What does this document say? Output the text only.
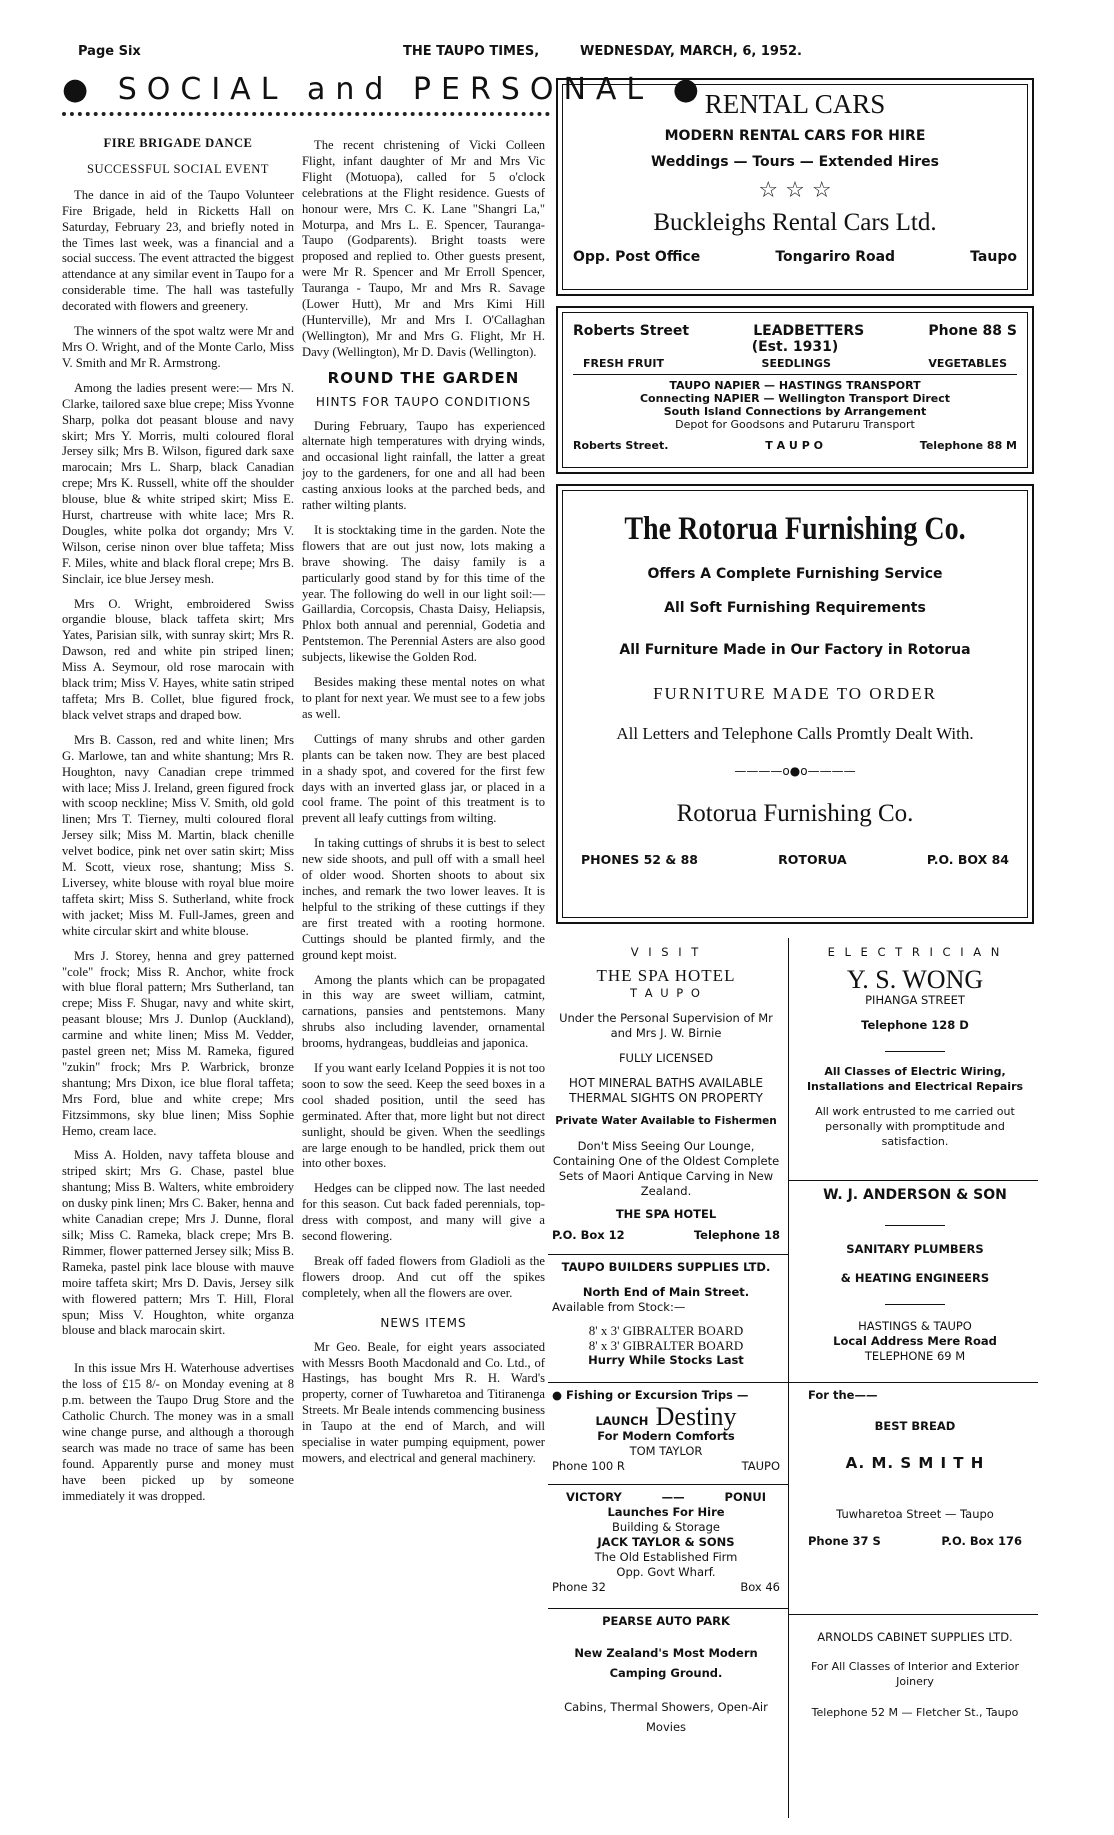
Page Six	THE TAUPO TIMES,	WEDNESDAY, MARCH, 6, 1952.
● SOCIAL and PERSONAL ●
FIRE BRIGADE DANCE
SUCCESSFUL SOCIAL EVENT

The dance in aid of the Taupo Volunteer Fire Brigade, held in Ricketts Hall on Saturday, February 23, and briefly noted in the Times last week, was a financial and a social success. The event attracted the biggest attendance at any similar event in Taupo for a considerable time. The hall was tastefully decorated with flowers and greenery.

The winners of the spot waltz were Mr and Mrs O. Wright, and of the Monte Carlo, Miss V. Smith and Mr R. Armstrong.

Among the ladies present were:— Mrs N. Clarke, tailored saxe blue crepe; Miss Yvonne Sharp, polka dot peasant blouse and navy skirt; Mrs Y. Morris, multi coloured floral Jersey silk; Mrs B. Wilson, figured dark saxe marocain; Mrs L. Sharp, black Canadian crepe; Mrs K. Russell, white off the shoulder blouse, blue & white striped skirt; Miss E. Hurst, chartreuse with white lace; Mrs R. Dougles, white polka dot organdy; Mrs V. Wilson, cerise ninon over blue taffeta; Miss F. Miles, white and black floral crepe; Mrs B. Sinclair, ice blue Jersey mesh.

Mrs O. Wright, embroidered Swiss organdie blouse, black taffeta skirt; Mrs Yates, Parisian silk, with sunray skirt; Mrs R. Dawson, red and white pin striped linen; Miss A. Seymour, old rose marocain with black trim; Miss V. Hayes, white satin striped taffeta; Mrs B. Collet, blue figured frock, black velvet straps and draped bow.

Mrs B. Casson, red and white linen; Mrs G. Marlowe, tan and white shantung; Mrs R. Houghton, navy Canadian crepe trimmed with lace; Miss J. Ireland, green figured frock with scoop neckline; Miss V. Smith, old gold linen; Mrs T. Tierney, multi coloured floral Jersey silk; Miss M. Martin, black chenille velvet bodice, pink net over satin skirt; Miss M. Scott, vieux rose, shantung; Miss S. Liversey, white blouse with royal blue moire taffeta skirt; Miss S. Sutherland, white frock with jacket; Miss M. Full-James, green and white circular skirt and white blouse.

Mrs J. Storey, henna and grey patterned "cole" frock; Miss R. Anchor, white frock with blue floral pattern; Mrs Sutherland, tan crepe; Miss F. Shugar, navy and white skirt, peasant blouse; Mrs J. Dunlop (Auckland), carmine and white linen; Miss M. Vedder, pastel green net; Miss M. Rameka, figured "zukin" frock; Mrs P. Warbrick, bronze shantung; Mrs Dixon, ice blue floral taffeta; Mrs Ford, blue and white crepe; Mrs Fitzsimmons, sky blue linen; Miss Sophie Hemo, cream lace.

Miss A. Holden, navy taffeta blouse and striped skirt; Mrs G. Chase, pastel blue shantung; Miss B. Walters, white embroidery on dusky pink linen; Mrs C. Baker, henna and white Canadian crepe; Mrs J. Dunne, floral silk; Miss C. Rameka, black crepe; Mrs B. Rimmer, flower patterned Jersey silk; Miss B. Rameka, pastel pink lace blouse with mauve moire taffeta skirt; Mrs D. Davis, Jersey silk with flowered pattern; Mrs T. Hill, Floral spun; Miss V. Houghton, white organza blouse and black marocain skirt.

In this issue Mrs H. Waterhouse advertises the loss of £15 8/- on Monday evening at 8 p.m. between the Taupo Drug Store and the Catholic Church. The money was in a small wine change purse, and although a thorough search was made no trace of same has been found. Apparently purse and money must have been picked up by someone immediately it was dropped.

The recent christening of Vicki Colleen Flight, infant daughter of Mr and Mrs Vic Flight (Motuopa), called for 5 o'clock celebrations at the Flight residence. Guests of honour were, Mrs C. K. Lane "Shangri La," Moturpa, and Mrs L. E. Spencer, Tauranga-Taupo (Godparents). Bright toasts were proposed and replied to. Other guests present, were Mr R. Spencer and Mr Erroll Spencer, Tauranga - Taupo, Mr and Mrs R. Savage (Lower Hutt), Mr and Mrs Kimi Hill (Hunterville), Mr and Mrs I. O'Callaghan (Wellington), Mr and Mrs G. Flight, Mr H. Davy (Wellington), Mr D. Davis (Wellington).

ROUND THE GARDEN
HINTS FOR TAUPO CONDITIONS

During February, Taupo has experienced alternate high temperatures with drying winds, and occasional light rainfall, the latter a great joy to the gardeners, for one and all had been casting anxious looks at the parched beds, and rather wilting plants.

It is stocktaking time in the garden. Note the flowers that are out just now, lots making a brave showing. The daisy family is a particularly good stand by for this time of the year. The following do well in our light soil:—Gaillardia, Corcopsis, Chasta Daisy, Heliapsis, Phlox both annual and perennial, Godetia and Pentstemon. The Perennial Asters are also good subjects, likewise the Golden Rod.

Besides making these mental notes on what to plant for next year. We must see to a few jobs as well.

Cuttings of many shrubs and other garden plants can be taken now. They are best placed in a shady spot, and covered for the first few days with an inverted glass jar, or placed in a cool frame. The point of this treatment is to prevent all leafy cuttings from wilting.

In taking cuttings of shrubs it is best to select new side shoots, and pull off with a small heel of older wood. Shorten shoots to about six inches, and remark the two lower leaves. It is helpful to the striking of these cuttings if they are first treated with a rooting hormone. Cuttings should be planted firmly, and the ground kept moist.

Among the plants which can be propagated in this way are sweet william, catmint, carnations, pansies and pentstemons. Many shrubs also including lavender, ornamental brooms, hydrangeas, buddleias and japonica.

If you want early Iceland Poppies it is not too soon to sow the seed. Keep the seed boxes in a cool shaded position, until the seed has germinated. After that, more light but not direct sunlight, should be given. When the seedlings are large enough to be handled, prick them out into other boxes.

Hedges can be clipped now. The last needed for this season. Cut back faded perennials, top-dress with compost, and many will give a second flowering.

Break off faded flowers from Gladioli as the flowers droop. And cut off the spikes completely, when all the flowers are over.

NEWS ITEMS

Mr Geo. Beale, for eight years associated with Messrs Booth Macdonald and Co. Ltd., of Hastings, has bought Mrs R. H. Ward's property, corner of Tuwharetoa and Titiranenga Streets. Mr Beale intends commencing business in Taupo at the end of March, and will specialise in water pumping equipment, power mowers, and electrical and general machinery.

RENTAL CARS
MODERN RENTAL CARS FOR HIRE
Weddings — Tours — Extended Hires
☆ ☆ ☆
Buckleighs Rental Cars Ltd.
Opp. Post Office	Tongariro Road	Taupo
Roberts Street	LEADBETTERS	Phone 88 S
(Est. 1931)
FRESH FRUIT	SEEDLINGS	VEGETABLES
TAUPO NAPIER — HASTINGS TRANSPORT
Connecting NAPIER — Wellington Transport Direct
South Island Connections by Arrangement
Depot for Goodsons and Putaruru Transport
Roberts Street.	T A U P O	Telephone 88 M
The Rotorua Furnishing Co.
Offers A Complete Furnishing Service
All Soft Furnishing Requirements
All Furniture Made in Our Factory in Rotorua
FURNITURE MADE TO ORDER
All Letters and Telephone Calls Promtly Dealt With.
————o●o————
Rotorua Furnishing Co.
PHONES 52 & 88	ROTORUA	P.O. BOX 84
V I S I T
THE SPA HOTEL
T A U P O
Under the Personal Supervision of Mr and Mrs J. W. Birnie
FULLY LICENSED
HOT MINERAL BATHS AVAILABLE THERMAL SIGHTS ON PROPERTY
Private Water Available to Fishermen
Don't Miss Seeing Our Lounge, Containing One of the Oldest Complete Sets of Maori Antique Carving in New Zealand.
THE SPA HOTEL
P.O. Box 12	Telephone 18
TAUPO BUILDERS SUPPLIES LTD.
North End of Main Street.
Available from Stock:—
8' x 3' GIBRALTER BOARD
8' x 3' GIBRALTER BOARD
Hurry While Stocks Last
● Fishing or Excursion Trips —
LAUNCH Destiny
For Modern Comforts
TOM TAYLOR
Phone 100 R	TAUPO
VICTORY	——	PONUI
Launches For Hire
Building & Storage
JACK TAYLOR & SONS
The Old Established Firm
Opp. Govt Wharf.
Phone 32	Box 46
PEARSE AUTO PARK
New Zealand's Most Modern Camping Ground.
Cabins, Thermal Showers, Open-Air Movies
E L E C T R I C I A N
Y. S. WONG
PIHANGA STREET
Telephone 128 D
All Classes of Electric Wiring, Installations and Electrical Repairs
All work entrusted to me carried out personally with promptitude and satisfaction.
W. J. ANDERSON & SON
SANITARY PLUMBERS
& HEATING ENGINEERS
HASTINGS & TAUPO
Local Address Mere Road
TELEPHONE 69 M
For the——
BEST BREAD
A. M. S M I T H
Tuwharetoa Street — Taupo
Phone 37 S	P.O. Box 176
ARNOLDS CABINET SUPPLIES LTD.
For All Classes of Interior and Exterior Joinery
Telephone 52 M — Fletcher St., Taupo
